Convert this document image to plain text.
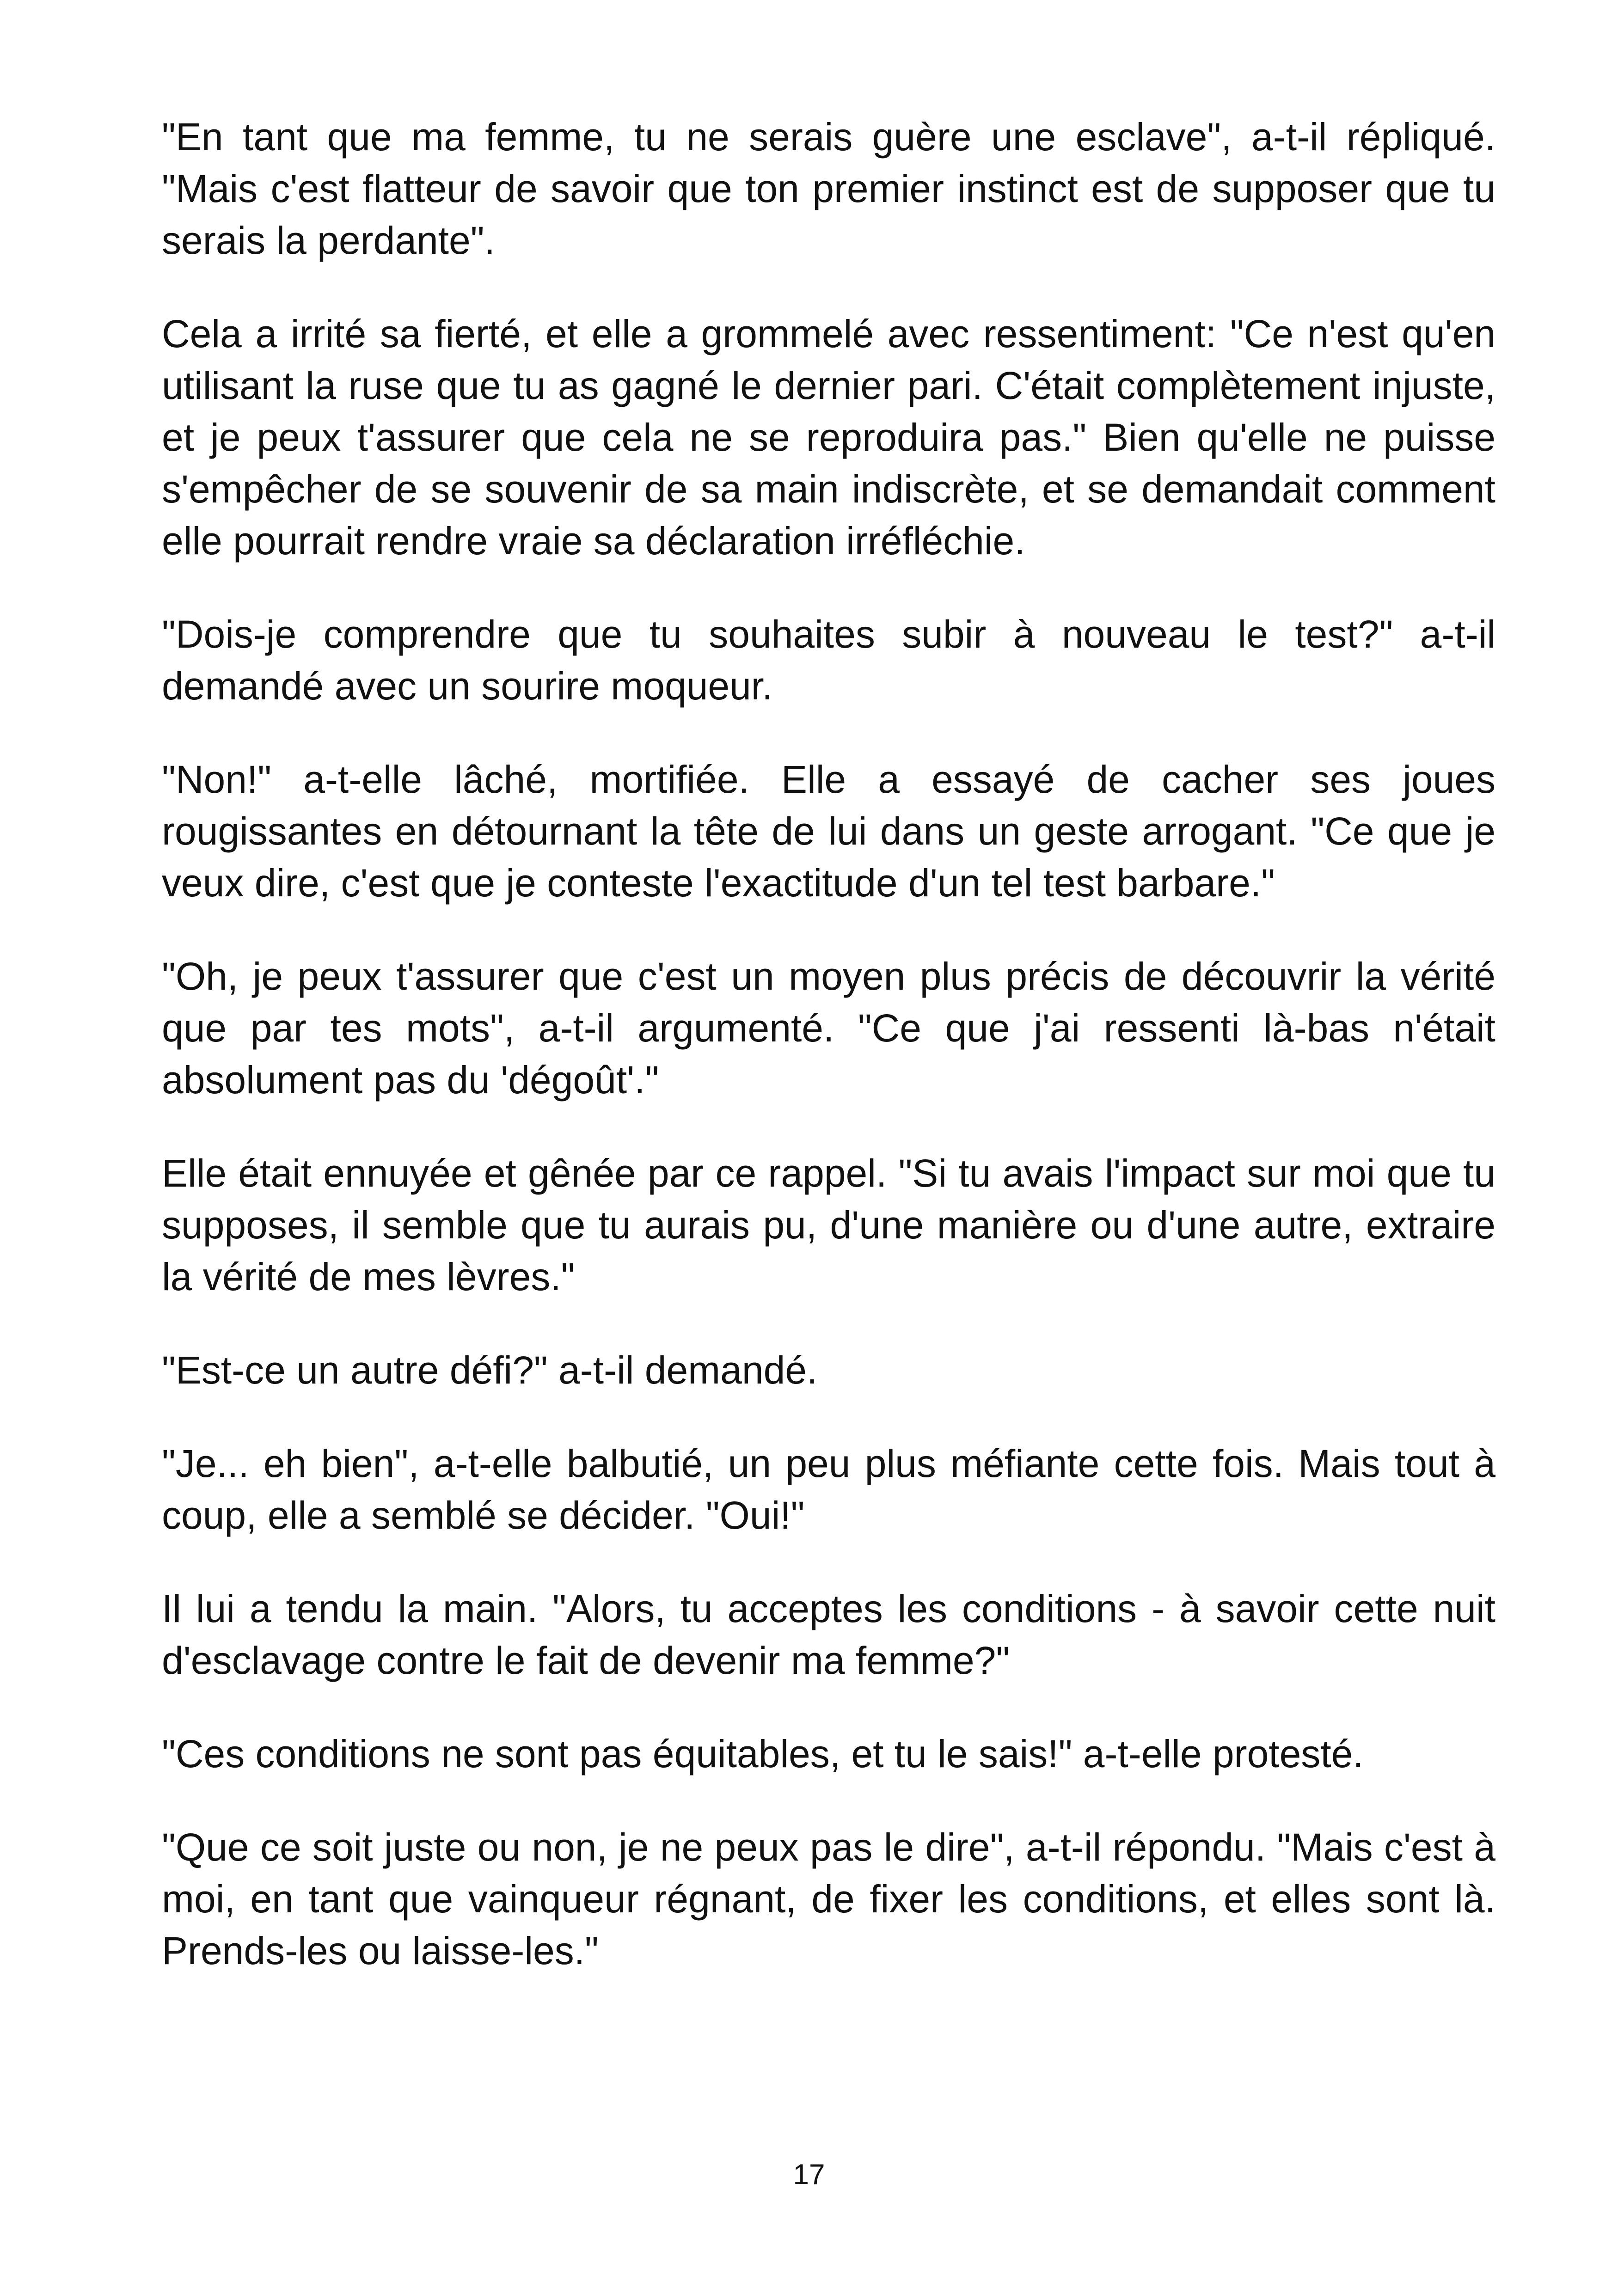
"En tant que ma femme, tu ne serais guère une esclave", a-t-il répliqué. "Mais c'est flatteur de savoir que ton premier instinct est de supposer que tu serais la perdante".

Cela a irrité sa fierté, et elle a grommelé avec ressentiment: "Ce n'est qu'en utilisant la ruse que tu as gagné le dernier pari. C'était complètement injuste, et je peux t'assurer que cela ne se reproduira pas." Bien qu'elle ne puisse s'empêcher de se souvenir de sa main indiscrète, et se demandait comment elle pourrait rendre vraie sa déclaration irréfléchie.

"Dois-je comprendre que tu souhaites subir à nouveau le test?" a-t-il demandé avec un sourire moqueur.

"Non!" a-t-elle lâché, mortifiée. Elle a essayé de cacher ses joues rougissantes en détournant la tête de lui dans un geste arrogant. "Ce que je veux dire, c'est que je conteste l'exactitude d'un tel test barbare."

"Oh, je peux t'assurer que c'est un moyen plus précis de découvrir la vérité que par tes mots", a-t-il argumenté. "Ce que j'ai ressenti là-bas n'était absolument pas du 'dégoût'."

Elle était ennuyée et gênée par ce rappel. "Si tu avais l'impact sur moi que tu supposes, il semble que tu aurais pu, d'une manière ou d'une autre, extraire la vérité de mes lèvres."

"Est-ce un autre défi?" a-t-il demandé.

"Je... eh bien", a-t-elle balbutié, un peu plus méfiante cette fois. Mais tout à coup, elle a semblé se décider. "Oui!"

Il lui a tendu la main. "Alors, tu acceptes les conditions - à savoir cette nuit d'esclavage contre le fait de devenir ma femme?"

"Ces conditions ne sont pas équitables, et tu le sais!" a-t-elle protesté.

"Que ce soit juste ou non, je ne peux pas le dire", a-t-il répondu. "Mais c'est à moi, en tant que vainqueur régnant, de fixer les conditions, et elles sont là. Prends-les ou laisse-les."

17
